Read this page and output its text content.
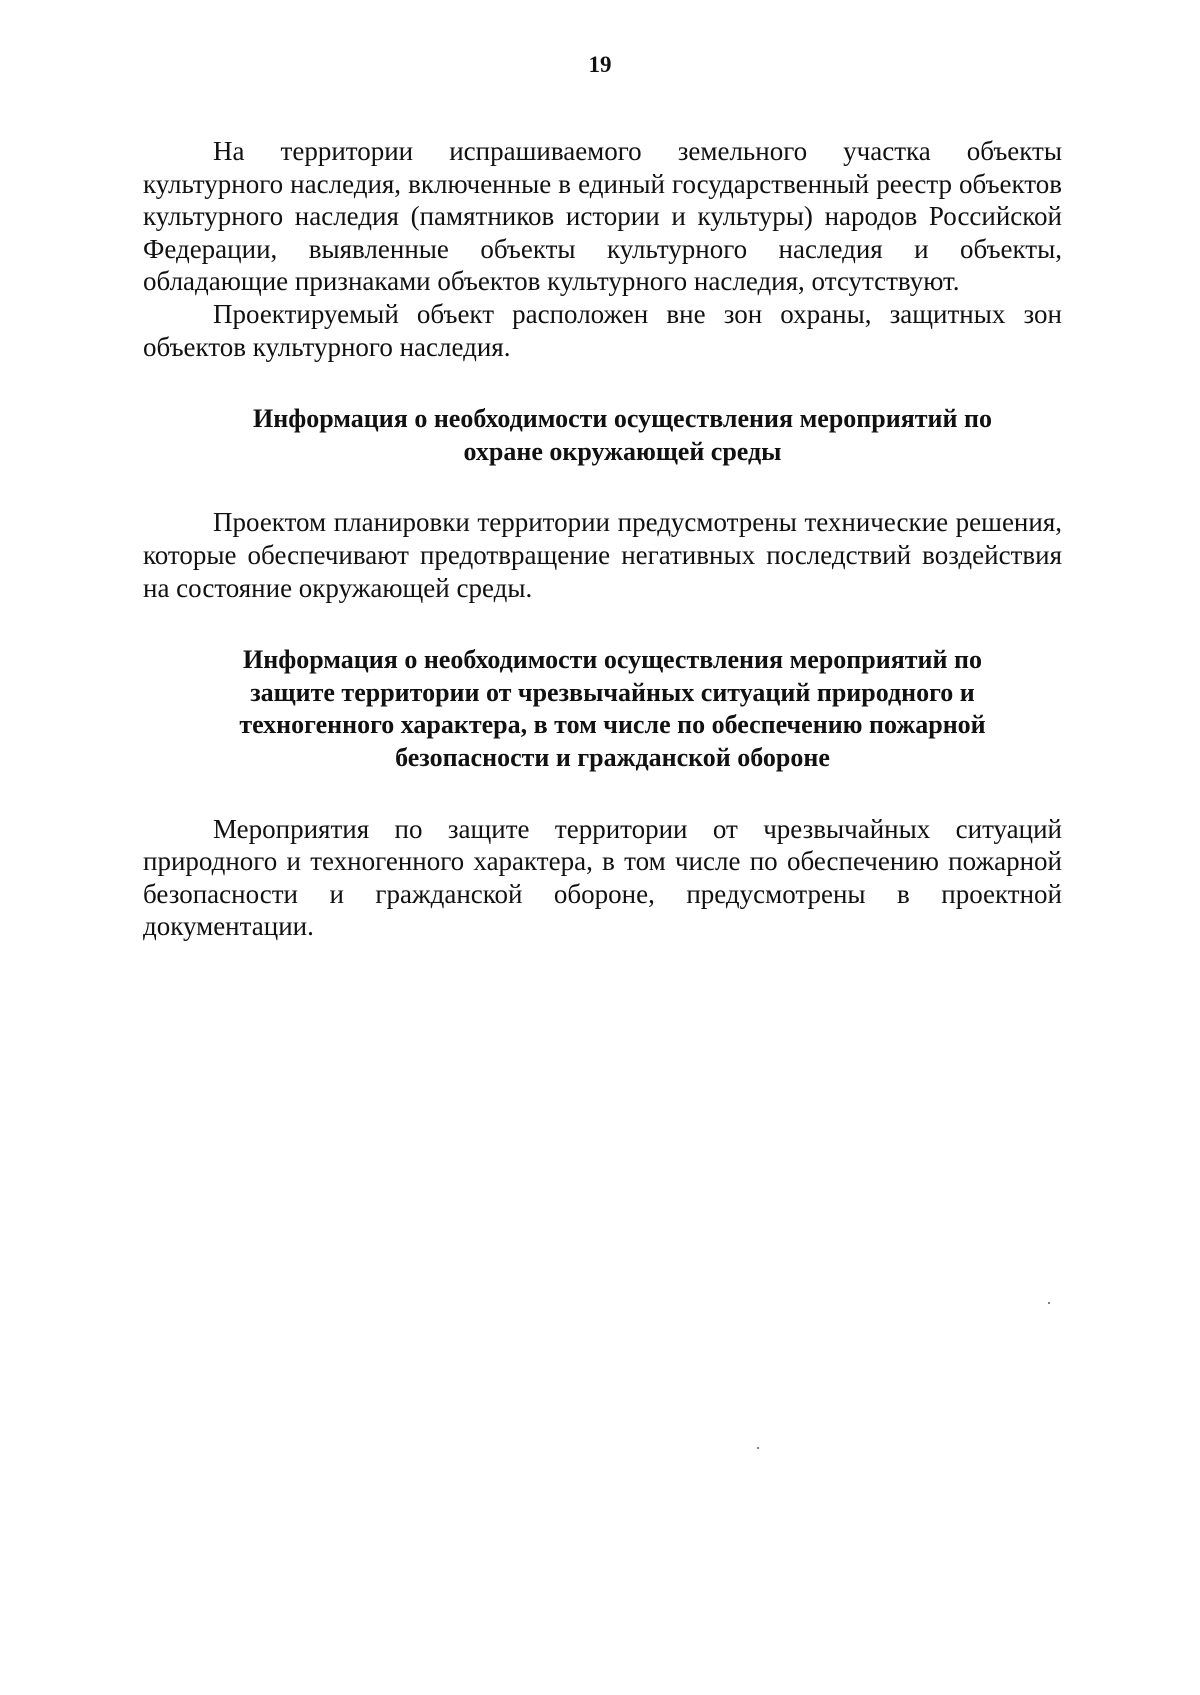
19

На территории испрашиваемого земельного участка объекты культурного наследия, включенные в единый государственный реестр объектов культурного наследия (памятников истории и культуры) народов Российской Федерации, выявленные объекты культурного наследия и объекты, обладающие признаками объектов культурного наследия, отсутствуют.

Проектируемый объект расположен вне зон охраны, защитных зон объектов культурного наследия.

Информация о необходимости осуществления мероприятий по
охране окружающей среды

Проектом планировки территории предусмотрены технические решения, которые обеспечивают предотвращение негативных последствий воздействия на состояние окружающей среды.

Информация о необходимости осуществления мероприятий по
защите территории от чрезвычайных ситуаций природного и
техногенного характера, в том числе по обеспечению пожарной
безопасности и гражданской обороне

Мероприятия по защите территории от чрезвычайных ситуаций природного и техногенного характера, в том числе по обеспечению пожарной безопасности и гражданской обороне, предусмотрены в проектной документации.
